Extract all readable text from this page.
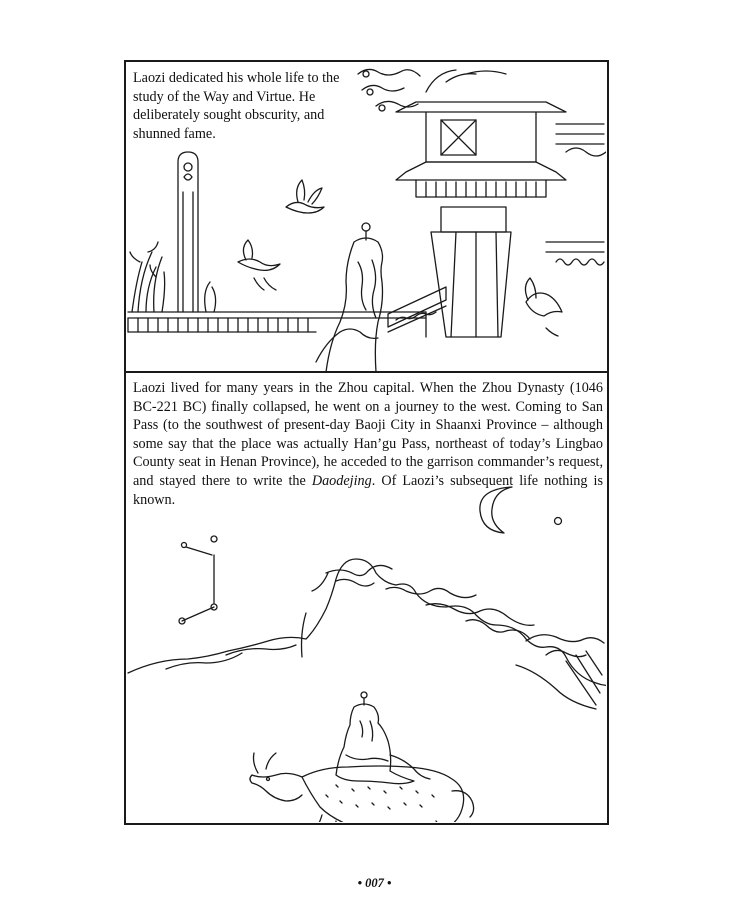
Laozi dedicated his whole life to the study of the Way and Virtue. He deliberately sought obscurity, and shunned fame.
Laozi lived for many years in the Zhou capital. When the Zhou Dynasty (1046 BC-221 BC) finally collapsed, he went on a journey to the west. Coming to San Pass (to the southwest of present-day Baoji City in Shaanxi Province – although some say that the place was actually Han’gu Pass, northeast of today’s Lingbao County seat in Henan Province), he acceded to the garrison commander’s request, and stayed there to write the Daodejing. Of Laozi’s subsequent life nothing is known.
• 007 •
